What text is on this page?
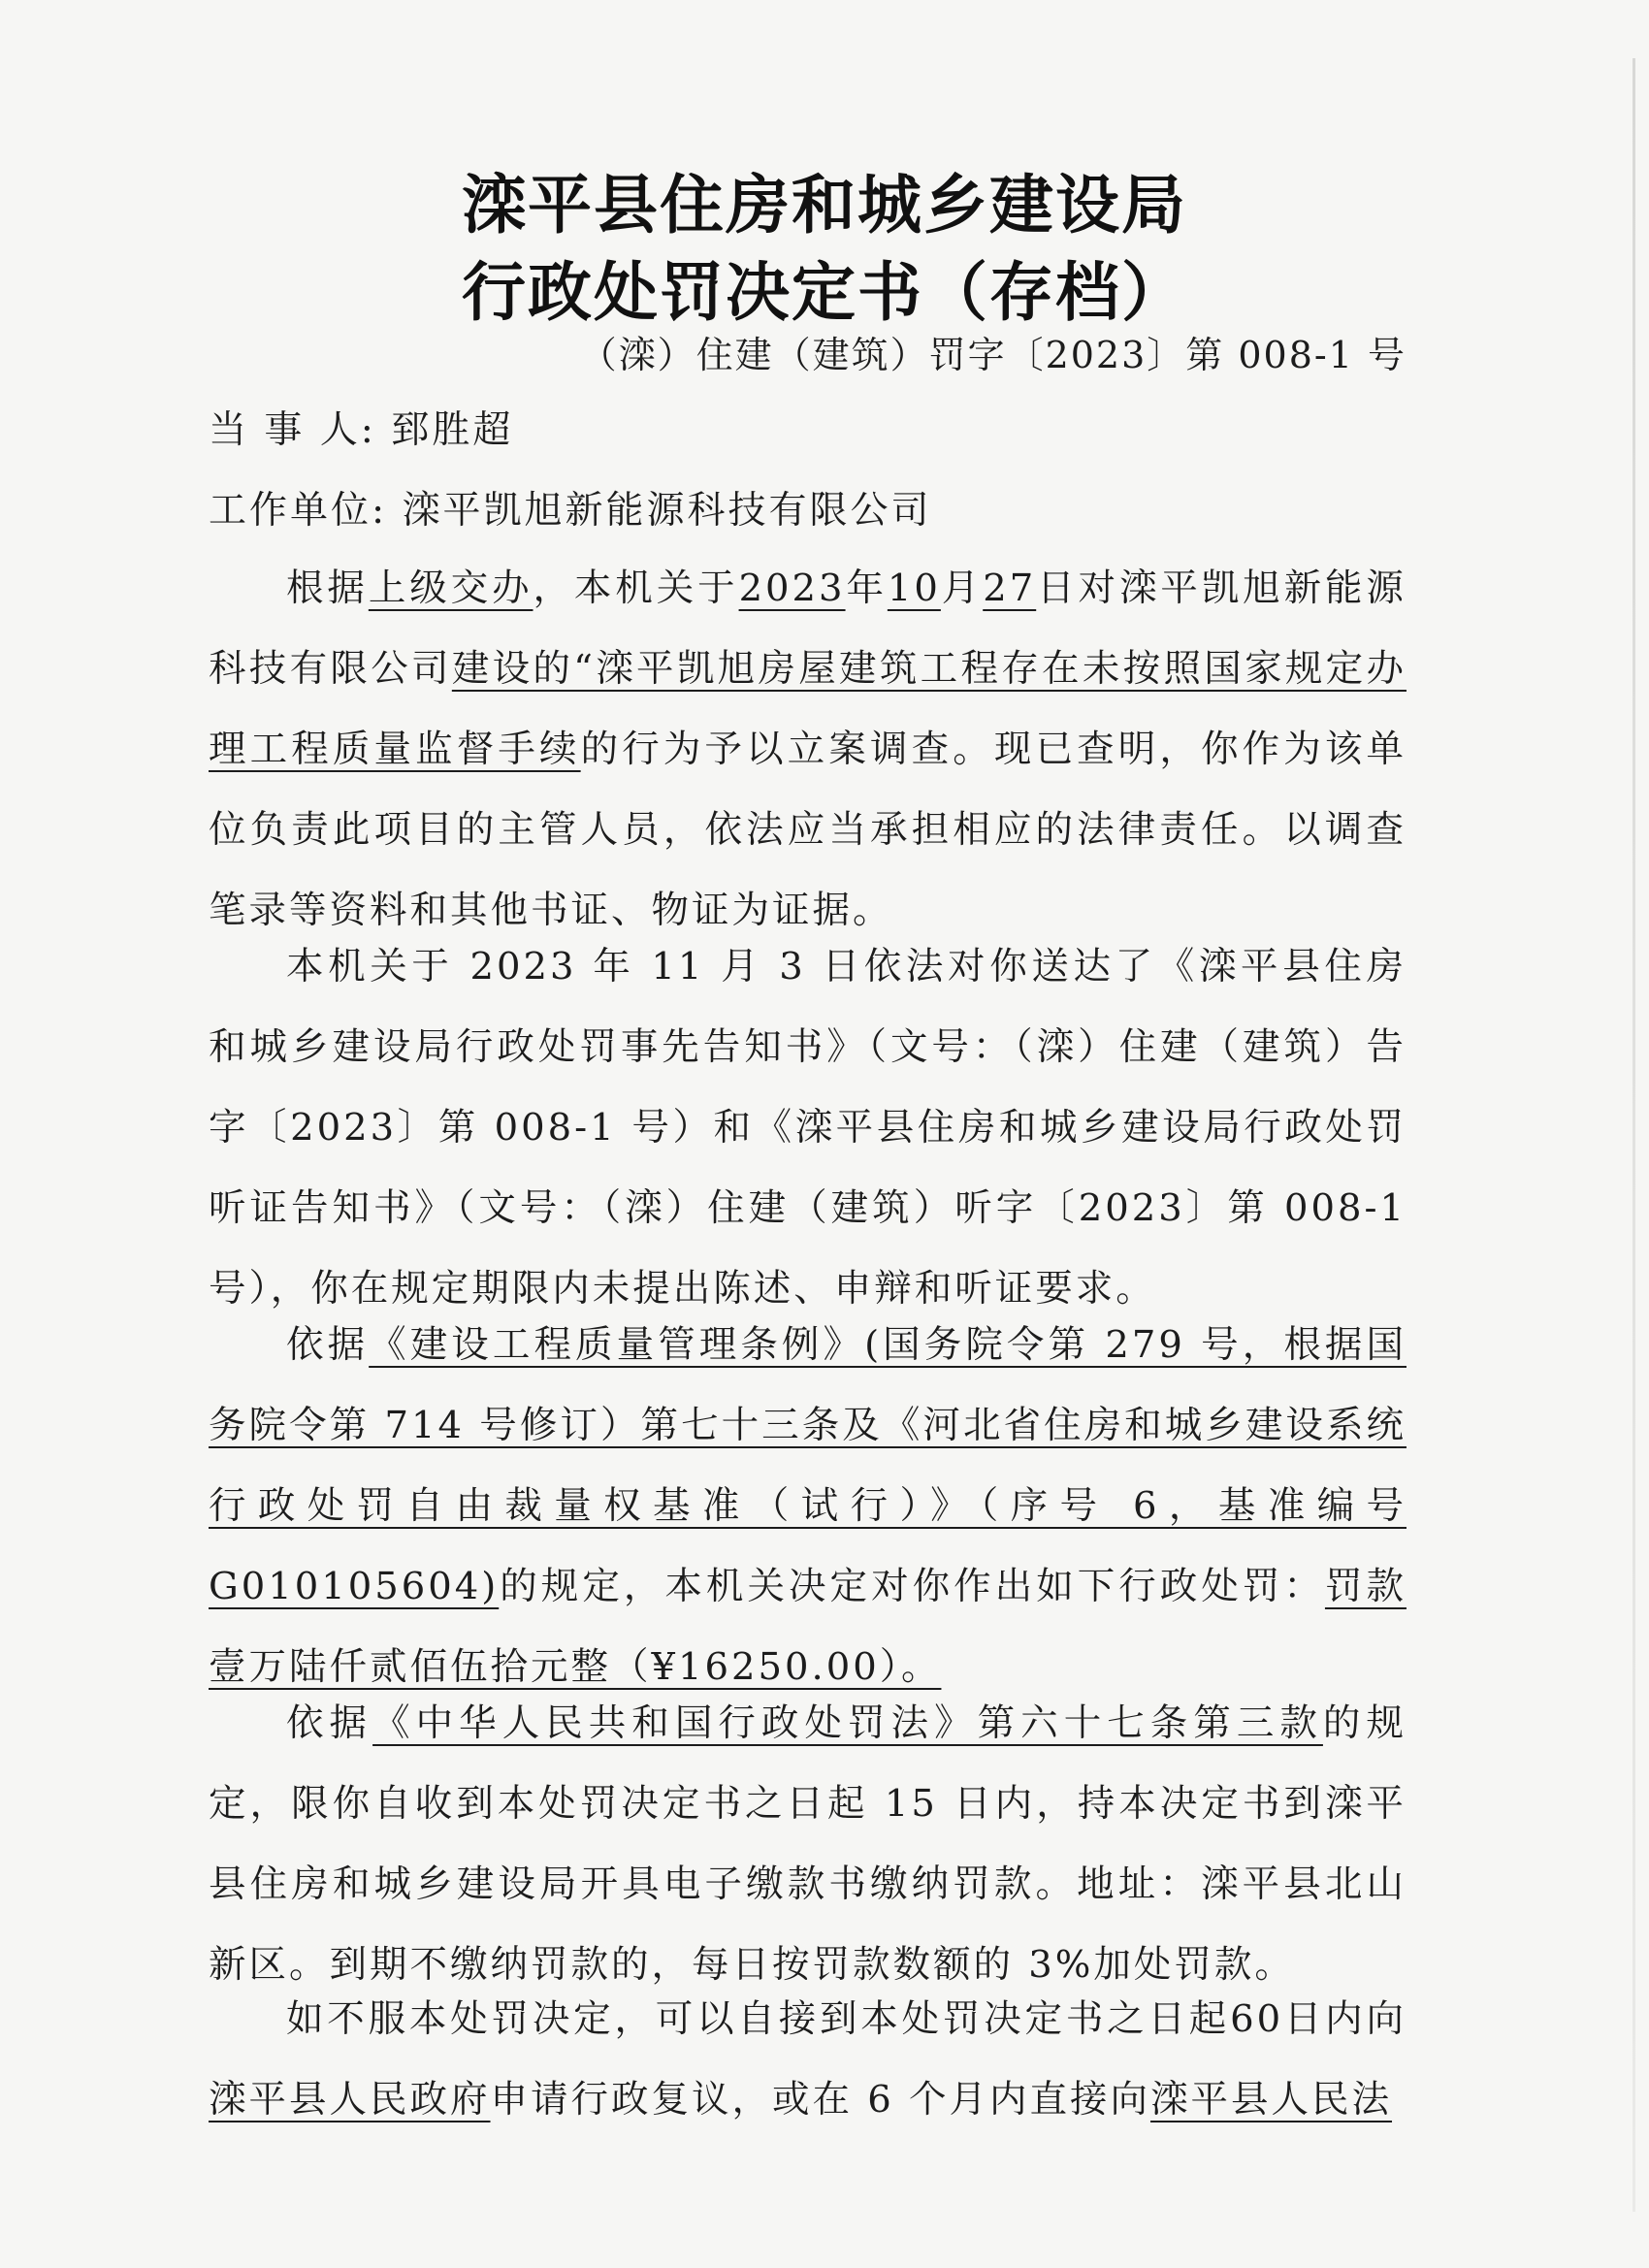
滦平县住房和城乡建设局
行政处罚决定书（存档）
（滦）住建（建筑）罚字〔2023〕第 008-1 号
当 事 人: 郅胜超
工作单位: 滦平凯旭新能源科技有限公司
根据上级交办，本机关于2023年10月27日对滦平凯旭新能源科技有限公司建设的“滦平凯旭房屋建筑工程存在未按照国家规定办理工程质量监督手续的行为予以立案调查。现已查明，你作为该单位负责此项目的主管人员，依法应当承担相应的法律责任。以调查笔录等资料和其他书证、物证为证据。
本机关于 2023 年 11 月 3 日依法对你送达了《滦平县住房和城乡建设局行政处罚事先告知书》（文号：（滦）住建（建筑）告字〔2023〕第 008-1 号）和《滦平县住房和城乡建设局行政处罚听证告知书》（文号：（滦）住建（建筑）听字〔2023〕第 008-1 号），你在规定期限内未提出陈述、申辩和听证要求。
依据《建设工程质量管理条例》(国务院令第 279 号，根据国务院令第 714 号修订）第七十三条及《河北省住房和城乡建设系统行政处罚自由裁量权基准（试行）》（序号 6，基准编号 G010105604)的规定，本机关决定对你作出如下行政处罚：罚款壹万陆仟贰佰伍拾元整（¥16250.00）。
依据《中华人民共和国行政处罚法》第六十七条第三款的规定，限你自收到本处罚决定书之日起 15 日内，持本决定书到滦平县住房和城乡建设局开具电子缴款书缴纳罚款。地址：滦平县北山新区。到期不缴纳罚款的，每日按罚款数额的 3%加处罚款。
如不服本处罚决定，可以自接到本处罚决定书之日起60日内向滦平县人民政府申请行政复议，或在 6 个月内直接向滦平县人民法
